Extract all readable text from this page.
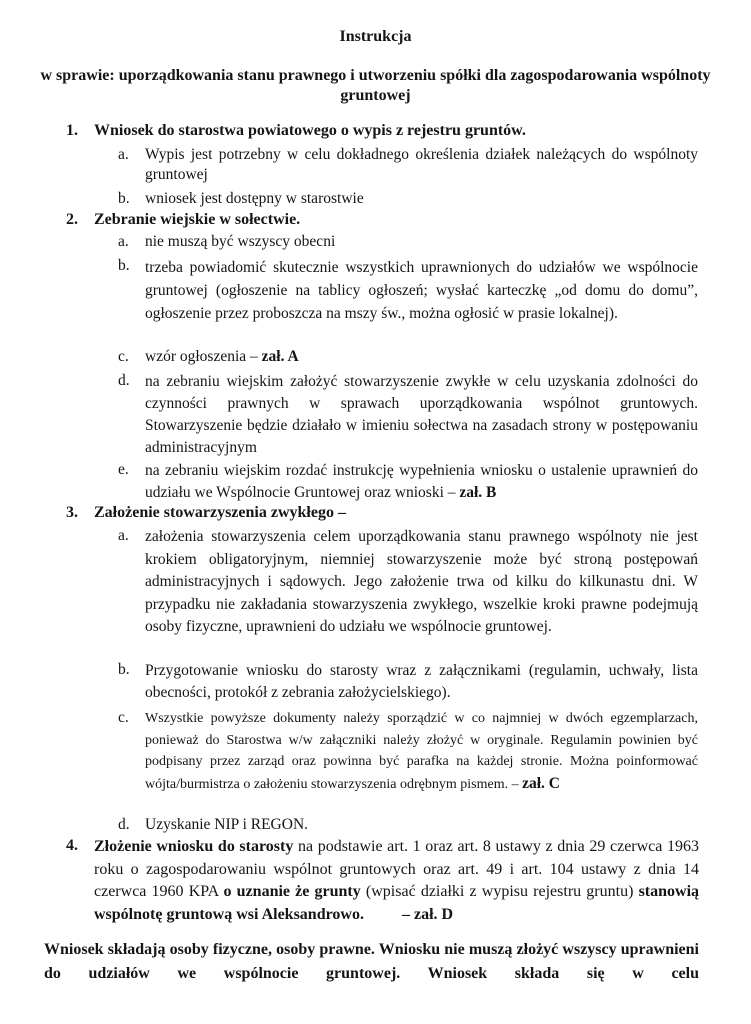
Instrukcja
w sprawie: uporządkowania stanu prawnego i utworzeniu spółki dla zagospodarowania wspólnoty gruntowej
1. Wniosek do starostwa powiatowego o wypis z rejestru gruntów.
a. Wypis jest potrzebny w celu dokładnego określenia działek należących do wspólnoty gruntowej
b. wniosek jest dostępny w starostwie
2. Zebranie wiejskie w sołectwie.
a. nie muszą być wszyscy obecni
b. trzeba powiadomić skutecznie wszystkich uprawnionych do udziałów we wspólnocie gruntowej (ogłoszenie na tablicy ogłoszeń; wysłać karteczkę „od domu do domu”, ogłoszenie przez proboszcza na mszy św., można ogłosić w prasie lokalnej).
c. wzór ogłoszenia – zał. A
d. na zebraniu wiejskim założyć stowarzyszenie zwykłe w celu uzyskania zdolności do czynności prawnych w sprawach uporządkowania wspólnot gruntowych. Stowarzyszenie będzie działało w imieniu sołectwa na zasadach strony w postępowaniu administracyjnym
e. na zebraniu wiejskim rozdać instrukcję wypełnienia wniosku o ustalenie uprawnień do udziału we Wspólnocie Gruntowej oraz wnioski – zał. B
3. Założenie stowarzyszenia zwykłego –
a. założenia stowarzyszenia celem uporządkowania stanu prawnego wspólnoty nie jest krokiem obligatoryjnym, niemniej stowarzyszenie może być stroną postępowań administracyjnych i sądowych. Jego założenie trwa od kilku do kilkunastu dni. W przypadku nie zakładania stowarzyszenia zwykłego, wszelkie kroki prawne podejmują osoby fizyczne, uprawnieni do udziału we wspólnocie gruntowej.
b. Przygotowanie wniosku do starosty wraz z załącznikami (regulamin, uchwały, lista obecności, protokół z zebrania założycielskiego).
c. Wszystkie powyższe dokumenty należy sporządzić w co najmniej w dwóch egzemplarzach, ponieważ do Starostwa w/w załączniki należy złożyć w oryginale. Regulamin powinien być podpisany przez zarząd oraz powinna być parafka na każdej stronie. Można poinformować wójta/burmistrza o założeniu stowarzyszenia odrębnym pismem. – zał. C
d. Uzyskanie NIP i REGON.
4. Złożenie wniosku do starosty na podstawie art. 1 oraz art. 8 ustawy z dnia 29 czerwca 1963 roku o zagospodarowaniu wspólnot gruntowych oraz art. 49 i art. 104 ustawy z dnia 14 czerwca 1960 KPA o uznanie że grunty (wpisać działki z wypisu rejestru gruntu) stanowią wspólnotę gruntową wsi Aleksandrowo. – zał. D
Wniosek składają osoby fizyczne, osoby prawne. Wniosku nie muszą złożyć wszyscy uprawnieni do udziałów we wspólnocie gruntowej. Wniosek składa się w celu
